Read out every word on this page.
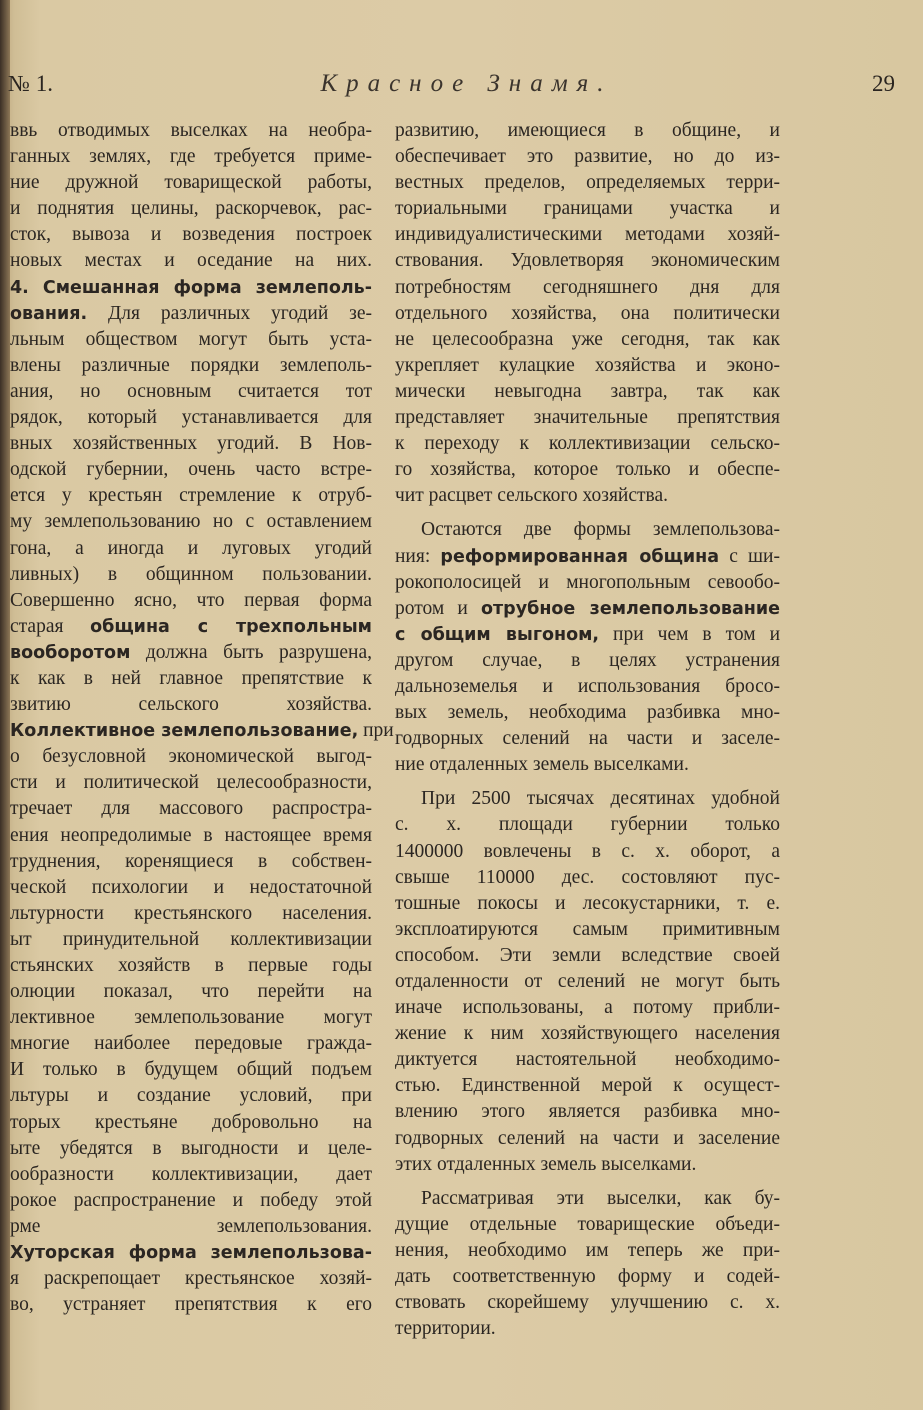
№ 1.	Красное Знамя.	29
ввь отводимых выселках на необра-
ганных землях, где требуется приме-
ние дружной товарищеской работы,
и поднятия целины, раскорчевок, рас-
сток, вывоза и возведения построек
новых местах и оседание на них.
4. Смешанная форма землеполь-
ования. Для различных угодий зе-
льным обществом могут быть уста-
влены различные порядки землеполь-
ания, но основным считается тот
рядок, который устанавливается для
вных хозяйственных угодий. В Нов-
одской губернии, очень часто встре-
ется у крестьян стремление к отруб-
му землепользованию но с оставлением
гона, а иногда и луговых угодий
ливных) в общинном пользовании.
Совершенно ясно, что первая форма
старая община с трехпольным
вооборотом должна быть разрушена,
к как в ней главное препятствие к
звитию сельского хозяйства.
Коллективное землепользование, при
о безусловной экономической выгод-
сти и политической целесообразности,
тречает для массового распростра-
ения неопредолимые в настоящее время
труднения, коренящиеся в собствен-
ческой психологии и недостаточной
льтурности крестьянского населения.
ыт принудительной коллективизации
стьянских хозяйств в первые годы
олюции показал, что перейти на
лективное землепользование могут
многие наиболее передовые гражда-
И только в будущем общий подъем
льтуры и создание условий, при
торых крестьяне добровольно на
ыте убедятся в выгодности и целе-
ообразности коллективизации, дает
рокое распространение и победу этой
рме землепользования.
Хуторская форма землепользова-
я раскрепощает крестьянское хозяй-
во, устраняет препятствия к его
развитию, имеющиеся в общине, и
обеспечивает это развитие, но до из-
вестных пределов, определяемых терри-
ториальными границами участка и
индивидуалистическими методами хозяй-
ствования. Удовлетворяя экономическим
потребностям сегодняшнего дня для
отдельного хозяйства, она политически
не целесообразна уже сегодня, так как
укрепляет кулацкие хозяйства и эконо-
мически невыгодна завтра, так как
представляет значительные препятствия
к переходу к коллективизации сельско-
го хозяйства, которое только и обеспе-
чит расцвет сельского хозяйства.
Остаются две формы землепользова-
ния: реформированная община с ши-
рокополосицей и многопольным севообо-
ротом и отрубное землепользование
с общим выгоном, при чем в том и
другом случае, в целях устранения
дальноземелья и использования бросо-
вых земель, необходима разбивка мно-
годворных селений на части и заселе-
ние отдаленных земель выселками.
При 2500 тысячах десятинах удобной
с. х. площади губернии только
1400000 вовлечены в с. х. оборот, а
свыше 110000 дес. состовляют пус-
тошные покосы и лесокустарники, т. е.
эксплоатируются самым примитивным
способом. Эти земли вследствие своей
отдаленности от селений не могут быть
иначе использованы, а потому прибли-
жение к ним хозяйствующего населения
диктуется настоятельной необходимо-
стью. Единственной мерой к осущест-
влению этого является разбивка мно-
годворных селений на части и заселение
этих отдаленных земель выселками.
Рассматривая эти выселки, как бу-
дущие отдельные товарищеские объеди-
нения, необходимо им теперь же при-
дать соответственную форму и содей-
ствовать скорейшему улучшению с. х.
территории.
